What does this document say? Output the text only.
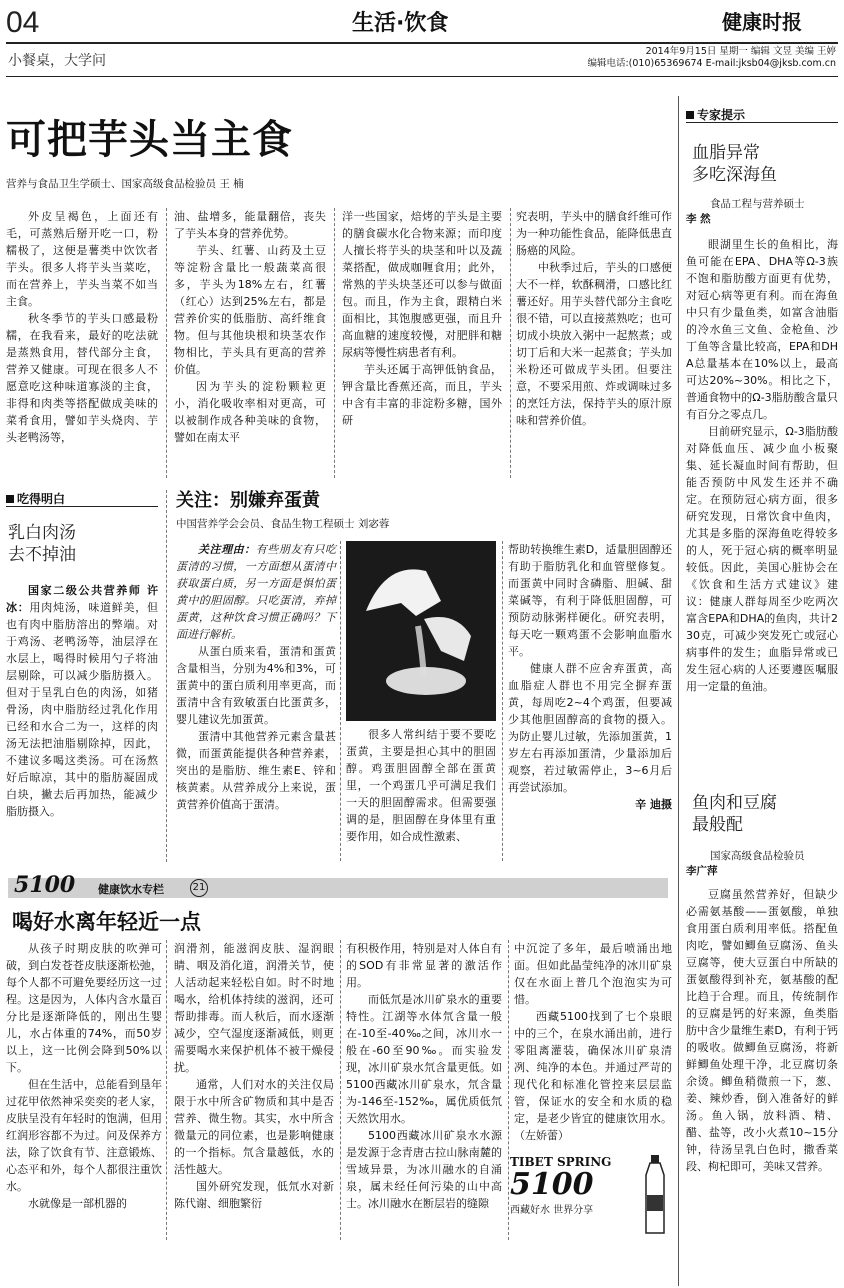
04	生活·饮食	健康时报
小餐桌，大学问
2014年9月15日 星期一 编辑 文昱 美编 王婷
编辑电话:(010)65369674 E-mail:jksb04@jksb.com.cn
可把芋头当主食
营养与食品卫生学硕士、国家高级食品检验员 王 楠

外皮呈褐色，上面还有毛，可蒸熟后掰开吃一口，粉糯极了，这便是薯类中饮饮者芋头。很多人将芋头当菜吃，而在营养上，芋头当菜不如当主食。

秋冬季节的芋头口感最粉糯，在我看来，最好的吃法就是蒸熟食用，替代部分主食，营养又健康。可现在很多人不愿意吃这种味道寡淡的主食，非得和肉类等搭配做成美味的菜肴食用，譬如芋头烧肉、芋头老鸭汤等，

油、盐增多，能量翻倍，丧失了芋头本身的营养优势。

芋头、红薯、山药及土豆等淀粉含量比一般蔬菜高很多，芋头为18%左右，红薯（红心）达到25%左右，都是营养价实的低脂肪、高纤维食物。但与其他块根和块茎农作物相比，芋头具有更高的营养价值。

因为芋头的淀粉颗粒更小，消化吸收率相对更高，可以被制作成各种美味的食物，譬如在南太平

洋一些国家，焙烤的芋头是主要的膳食碳水化合物来源；而印度人擅长将芋头的块茎和叶以及蔬菜搭配，做成咖喱食用；此外，常熟的芋头块茎还可以参与做面包。而且，作为主食，跟精白米面相比，其饱腹感更强，而且升高血糖的速度较慢，对肥胖和糖尿病等慢性病患者有利。

芋头还属于高钾低钠食品，钾含量比香蕉还高，而且，芋头中含有丰富的非淀粉多糖，国外研

究表明，芋头中的膳食纤维可作为一种功能性食品，能降低患直肠癌的风险。

中秋季过后，芋头的口感便大不一样，软酥稠滑，口感比红薯还好。用芋头替代部分主食吃很不错，可以直接蒸熟吃；也可切成小块放入粥中一起熬煮；或切丁后和大米一起蒸食；芋头加米粉还可做成芋头团。但要注意，不要采用煎、炸或调味过多的烹饪方法，保持芋头的原汁原味和营养价值。

专家提示
血脂异常
多吃深海鱼
食品工程与营养硕士
李 然

眼湖里生长的鱼相比，海鱼可能在EPA、DHA等Ω-3族不饱和脂肪酸方面更有优势，对冠心病等更有利。而在海鱼中只有少量鱼类，如富含油脂的冷水鱼三文鱼、金枪鱼、沙丁鱼等含量比较高，EPA和DHA总量基本在10%以上，最高可达20%~30%。相比之下，普通食物中的Ω-3脂肪酸含量只有百分之零点几。

目前研究显示，Ω-3脂肪酸对降低血压、减少血小板聚集、延长凝血时间有帮助，但能否预防中风发生还并不确定。在预防冠心病方面，很多研究发现，日常饮食中鱼肉，尤其是多脂的深海鱼吃得较多的人，死于冠心病的概率明显较低。因此，美国心脏协会在《饮食和生活方式建议》建议：健康人群每周至少吃两次富含EPA和DHA的鱼肉，共计230克，可减少突发死亡或冠心病事件的发生；血脂异常或已发生冠心病的人还要遵医嘱服用一定量的鱼油。

鱼肉和豆腐
最般配
国家高级食品检验员
李广萍

豆腐虽然营养好，但缺少必需氨基酸——蛋氨酸，单独食用蛋白质利用率低。搭配鱼肉吃，譬如鲫鱼豆腐汤、鱼头豆腐等，使大豆蛋白中所缺的蛋氨酸得到补充，氨基酸的配比趋于合理。而且，传统制作的豆腐是钙的好来源，鱼类脂肪中含少量维生素D，有利于钙的吸收。做鲫鱼豆腐汤，将新鲜鲫鱼处理干净，北豆腐切条余烫。鲫鱼稍微煎一下，葱、姜、辣炒香，倒入准备好的鲜汤。鱼入锅，放料酒、精、醋、盐等，改小火煮10~15分钟，待汤呈乳白色时，撒香菜段、枸杞即可，美味又营养。

吃得明白
乳白肉汤
去不掉油

国家二级公共营养师 许冰：用肉炖汤，味道鲜美，但也有肉中脂肪溶出的弊端。对于鸡汤、老鸭汤等，油层浮在水层上，喝得时候用勺子将油层剔除，可以减少脂肪摄入。但对于呈乳白色的肉汤，如猪骨汤，肉中脂肪经过乳化作用已经和水合二为一，这样的肉汤无法把油脂剔除掉，因此，不建议多喝这类汤。可在汤熬好后晾凉，其中的脂肪凝固成白块，撇去后再加热，能减少脂肪摄入。

关注：别嫌弃蛋黄
中国营养学会会员、食品生物工程硕士 刘宓蓉

关注理由：有些朋友有只吃蛋清的习惯，一方面想从蛋清中获取蛋白质，另一方面是惧怕蛋黄中的胆固醇。只吃蛋清，弃掉蛋黄，这种饮食习惯正确吗？下面进行解析。

从蛋白质来看，蛋清和蛋黄含量相当，分别为4%和3%，可蛋黄中的蛋白质利用率更高，而蛋清中含有致敏蛋白比蛋黄多，婴儿建议先加蛋黄。

蛋清中其他营养元素含量甚微，而蛋黄能提供各种营养素，突出的是脂肪、维生素E、锌和核黄素。从营养成分上来说，蛋黄营养价值高于蛋清。

很多人常纠结于要不要吃蛋黄，主要是担心其中的胆固醇。鸡蛋胆固醇全部在蛋黄里，一个鸡蛋几乎可满足我们一天的胆固醇需求。但需要强调的是，胆固醇在身体里有重要作用，如合成性激素、

帮助转换维生素D，适量胆固醇还有助于脂肪乳化和血管壁修复。而蛋黄中同时含磷脂、胆碱、甜菜碱等，有利于降低胆固醇，可预防动脉粥样硬化。研究表明，每天吃一颗鸡蛋不会影响血脂水平。

健康人群不应舍弃蛋黄，高血脂症人群也不用完全摒弃蛋黄，每周吃2~4个鸡蛋，但要减少其他胆固醇高的食物的摄入。为防止婴儿过敏，先添加蛋黄，1岁左右再添加蛋清，少量添加后观察，若过敏需停止，3~6月后再尝试添加。

辛 迪摄
5100 健康饮水专栏	21
喝好水离年轻近一点

从孩子时期皮肤的吹弹可破，到白发苍苍皮肤逐渐松弛，每个人都不可避免要经历这一过程。这是因为，人体内含水量百分比是逐渐降低的，刚出生婴儿，水占体重的74%，而50岁以上，这一比例会降到50%以下。

但在生活中，总能看到垦年过花甲依然神采奕奕的老人家，皮肤呈没有年轻时的饱满，但用红润形容都不为过。问及保养方法，除了饮食有节、注意锻炼、心态平和外，每个人都很注重饮水。

水就像是一部机器的

润滑剂，能滋润皮肤、湿润眼睛、咽及消化道，润滑关节，使人活动起来轻松自如。时不时地喝水，给机体持续的滋润，还可帮助排毒。而人秋后，而水逐渐减少，空气湿度逐渐减低，则更需要喝水来保护机体不被干燥侵扰。

通常，人们对水的关注仅局限于水中所含矿物质和其中是否营养、微生物。其实，水中所含微量元的同位素，也是影响健康的一个指标。氘含量越低，水的活性越大。

国外研究发现，低氘水对新陈代谢、细胞繁衍

有积极作用，特别是对人体自有的SOD有非常显著的激活作用。

而低氘是冰川矿泉水的重要特性。江湖等水体氘含量一般在-10至-40‰之间，冰川水一般在-60至90‰。而实验发现，冰川矿泉水氘含量更低。如5100西藏冰川矿泉水，氘含量为-146至-152‰，属优质低氘天然饮用水。

5100西藏冰川矿泉水水源是发源于念青唐古拉山脉南麓的雪域异景，为冰川融水的自涌泉，属未经任何污染的山中高士。冰川融水在断层岩的缝隙

中沉淀了多年，最后喷涌出地面。但如此晶莹纯净的冰川矿泉仅在水面上普几个泡泡实为可惜。

西藏5100找到了七个泉眼中的三个，在泉水涌出前，进行零阻离灌装，确保冰川矿泉清冽、纯净的本色。并通过严苛的现代化和标准化管控来层层监管，保证水的安全和水质的稳定，是老少皆宜的健康饮用水。（左娇蕾）

TIBET SPRING
5100
西藏好水 世界分享
